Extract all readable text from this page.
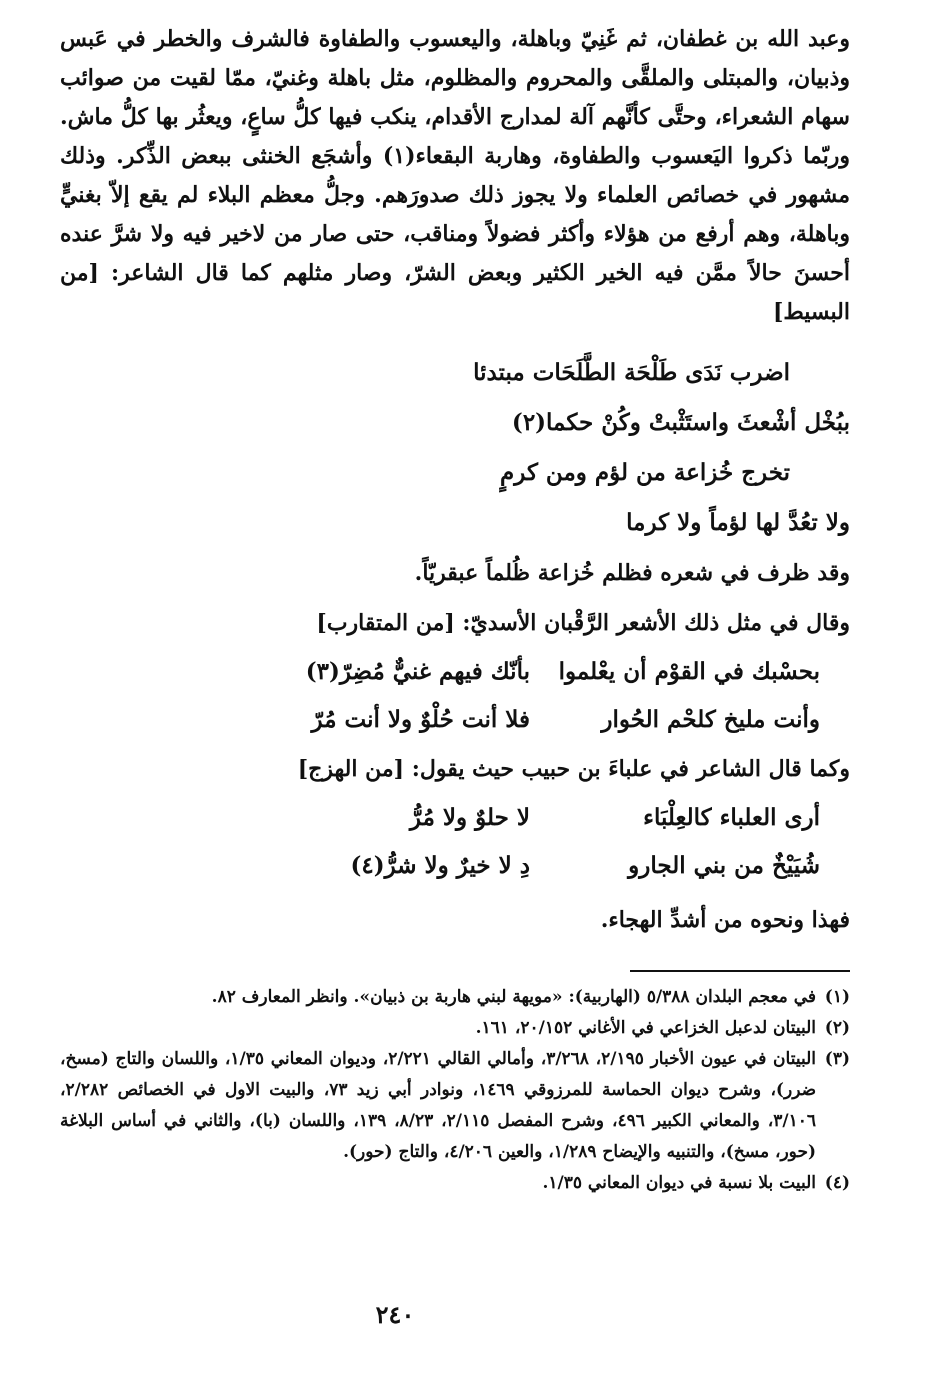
وعبد الله بن غطفان، ثم غَنِيّ وباهلة، واليعسوب والطفاوة فالشرف والخطر في عَبس وذبيان، والمبتلى والملقَّى والمحروم والمظلوم، مثل باهلة وغنيّ، ممّا لقيت من صوائب سهام الشعراء، وحتَّى كأنَّهم آلة لمدارج الأقدام، ينكب فيها كلُّ ساعٍ، ويعثُر بها كلُّ ماش. وربّما ذكروا اليَعسوب والطفاوة، وهاربة البقعاء(١) وأشجَع الخنثى ببعض الذِّكر. وذلك مشهور في خصائص العلماء ولا يجوز ذلك صدورَهم. وجلُّ معظم البلاء لم يقع إلاّ بغنيٍّ وباهلة، وهم أرفع من هؤلاء وأكثر فضولاً ومناقب، حتى صار من لاخير فيه ولا شرَّ عنده أحسنَ حالاً ممَّن فيه الخير الكثير وبعض الشرّ، وصار مثلهم كما قال الشاعر: [من البسيط]

اضرب نَدَى طَلْحَة الطَّلَحَات مبتدئا
ببُخْل أشْعثَ واستَثْبتْ وكُنْ حكما(٢)
تخرج خُزاعة من لؤم ومن كرمٍ
ولا تعُدَّ لها لؤماً ولا كرما
وقد ظرف في شعره فظلم خُزاعة ظُلماً عبقريّاً.
وقال في مثل ذلك الأشعر الرَّقْبان الأسديّ: [من المتقارب]
بحسْبك في القوْم أن يعْلموا
بأنّك فيهم غنيٌّ مُضِرّ(٣)
وأنت مليخ كلحْم الحُوار
فلا أنت حُلْوٌ ولا أنت مُرّ
وكما قال الشاعر في علباءَ بن حبيب حيث يقول: [من الهزج]
أرى العلباء كالعِلْبَاء
لا حلوٌ ولا مُرُّ
شُيَيْخٌ من بني الجارو
دِ لا خيرٌ ولا شرُّ(٤)
فهذا ونحوه من أشدِّ الهجاء.
(١)
في معجم البلدان ٥/٣٨٨ (الهاربية): «مويهة لبني هاربة بن ذبيان». وانظر المعارف ٨٢.
(٢)
البيتان لدعبل الخزاعي في الأغاني ٢٠/١٥٢، ١٦١.
(٣)
البيتان في عيون الأخبار ٢/١٩٥، ٣/٢٦٨، وأمالي القالي ٢/٢٢١، وديوان المعاني ١/٣٥، واللسان والتاج (مسخ، ضرر)، وشرح ديوان الحماسة للمرزوقي ١٤٦٩، ونوادر أبي زيد ٧٣، والبيت الاول في الخصائص ٢/٢٨٢، ٣/١٠٦، والمعاني الكبير ٤٩٦، وشرح المفصل ٢/١١٥، ٨/٢٣، ١٣٩، واللسان (با)، والثاني في أساس البلاغة (حور، مسخ)، والتنبيه والإيضاح ١/٢٨٩، والعين ٤/٢٠٦، والتاج (حور).
(٤)
البيت بلا نسبة في ديوان المعاني ١/٣٥.
٢٤٠
